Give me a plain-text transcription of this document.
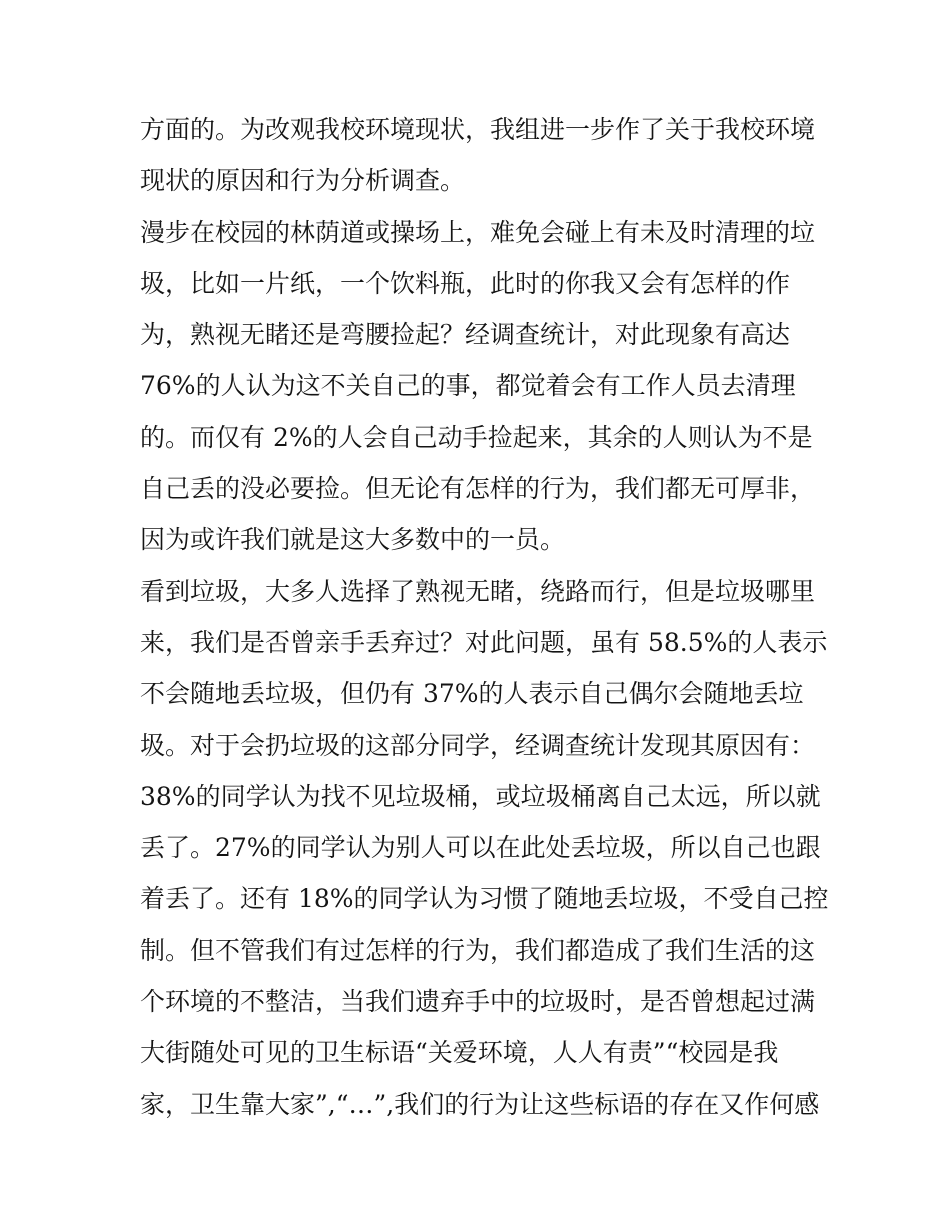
方面的。为改观我校环境现状，我组进一步作了关于我校环境
现状的原因和行为分析调查。
漫步在校园的林荫道或操场上，难免会碰上有未及时清理的垃
圾，比如一片纸，一个饮料瓶，此时的你我又会有怎样的作
为，熟视无睹还是弯腰捡起？经调查统计，对此现象有高达
76%的人认为这不关自己的事，都觉着会有工作人员去清理
的。而仅有 2%的人会自己动手捡起来，其余的人则认为不是
自己丢的没必要捡。但无论有怎样的行为，我们都无可厚非，
因为或许我们就是这大多数中的一员。
看到垃圾，大多人选择了熟视无睹，绕路而行，但是垃圾哪里
来，我们是否曾亲手丢弃过？对此问题，虽有 58.5%的人表示
不会随地丢垃圾，但仍有 37%的人表示自己偶尔会随地丢垃
圾。对于会扔垃圾的这部分同学，经调查统计发现其原因有：
38%的同学认为找不见垃圾桶，或垃圾桶离自己太远，所以就
丢了。27%的同学认为别人可以在此处丢垃圾，所以自己也跟
着丢了。还有 18%的同学认为习惯了随地丢垃圾，不受自己控
制。但不管我们有过怎样的行为，我们都造成了我们生活的这
个环境的不整洁，当我们遗弃手中的垃圾时，是否曾想起过满
大街随处可见的卫生标语“关爱环境，人人有责”“校园是我
家，卫生靠大家”,“…”,我们的行为让这些标语的存在又作何感
